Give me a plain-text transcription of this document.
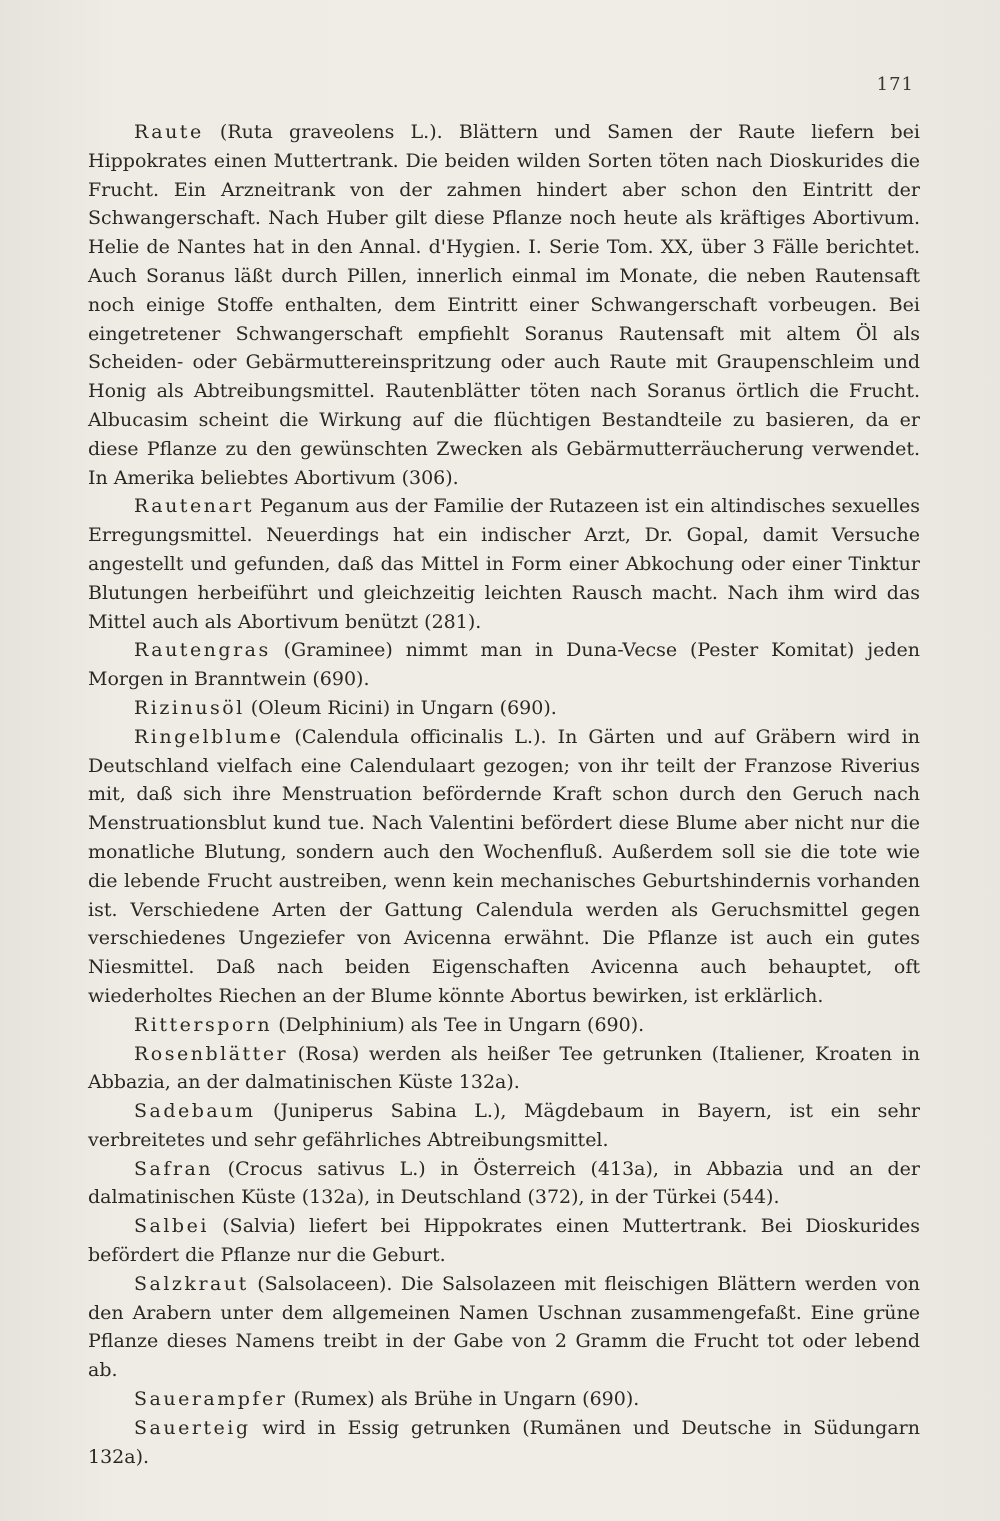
171

Raute (Ruta graveolens L.). Blättern und Samen der Raute liefern bei Hippokrates einen Muttertrank. Die beiden wilden Sorten töten nach Dioskurides die Frucht. Ein Arzneitrank von der zahmen hindert aber schon den Eintritt der Schwangerschaft. Nach Huber gilt diese Pflanze noch heute als kräftiges Abortivum. Helie de Nantes hat in den Annal. d'Hygien. I. Serie Tom. XX, über 3 Fälle berichtet. Auch Soranus läßt durch Pillen, innerlich einmal im Monate, die neben Rautensaft noch einige Stoffe enthalten, dem Eintritt einer Schwangerschaft vorbeugen. Bei eingetretener Schwangerschaft empfiehlt Soranus Rautensaft mit altem Öl als Scheiden- oder Gebärmuttereinspritzung oder auch Raute mit Graupenschleim und Honig als Abtreibungsmittel. Rautenblätter töten nach Soranus örtlich die Frucht. Albucasim scheint die Wirkung auf die flüchtigen Bestandteile zu basieren, da er diese Pflanze zu den gewünschten Zwecken als Gebärmutterräucherung verwendet. In Amerika beliebtes Abortivum (306).

Rautenart Peganum aus der Familie der Rutazeen ist ein altindisches sexuelles Erregungsmittel. Neuerdings hat ein indischer Arzt, Dr. Gopal, damit Versuche angestellt und gefunden, daß das Mittel in Form einer Abkochung oder einer Tinktur Blutungen herbeiführt und gleichzeitig leichten Rausch macht. Nach ihm wird das Mittel auch als Abortivum benützt (281).

Rautengras (Graminee) nimmt man in Duna-Vecse (Pester Komitat) jeden Morgen in Branntwein (690).

Rizinusöl (Oleum Ricini) in Ungarn (690).

Ringelblume (Calendula officinalis L.). In Gärten und auf Gräbern wird in Deutschland vielfach eine Calendulaart gezogen; von ihr teilt der Franzose Riverius mit, daß sich ihre Menstruation befördernde Kraft schon durch den Geruch nach Menstruationsblut kund tue. Nach Valentini befördert diese Blume aber nicht nur die monatliche Blutung, sondern auch den Wochenfluß. Außerdem soll sie die tote wie die lebende Frucht austreiben, wenn kein mechanisches Geburtshindernis vorhanden ist. Verschiedene Arten der Gattung Calendula werden als Geruchsmittel gegen verschiedenes Ungeziefer von Avicenna erwähnt. Die Pflanze ist auch ein gutes Niesmittel. Daß nach beiden Eigenschaften Avicenna auch behauptet, oft wiederholtes Riechen an der Blume könnte Abortus bewirken, ist erklärlich.

Rittersporn (Delphinium) als Tee in Ungarn (690).

Rosenblätter (Rosa) werden als heißer Tee getrunken (Italiener, Kroaten in Abbazia, an der dalmatinischen Küste 132a).

Sadebaum (Juniperus Sabina L.), Mägdebaum in Bayern, ist ein sehr verbreitetes und sehr gefährliches Abtreibungsmittel.

Safran (Crocus sativus L.) in Österreich (413a), in Abbazia und an der dalmatinischen Küste (132a), in Deutschland (372), in der Türkei (544).

Salbei (Salvia) liefert bei Hippokrates einen Muttertrank. Bei Dioskurides befördert die Pflanze nur die Geburt.

Salzkraut (Salsolaceen). Die Salsolazeen mit fleischigen Blättern werden von den Arabern unter dem allgemeinen Namen Uschnan zusammengefaßt. Eine grüne Pflanze dieses Namens treibt in der Gabe von 2 Gramm die Frucht tot oder lebend ab.

Sauerampfer (Rumex) als Brühe in Ungarn (690).

Sauerteig wird in Essig getrunken (Rumänen und Deutsche in Südungarn 132a).
